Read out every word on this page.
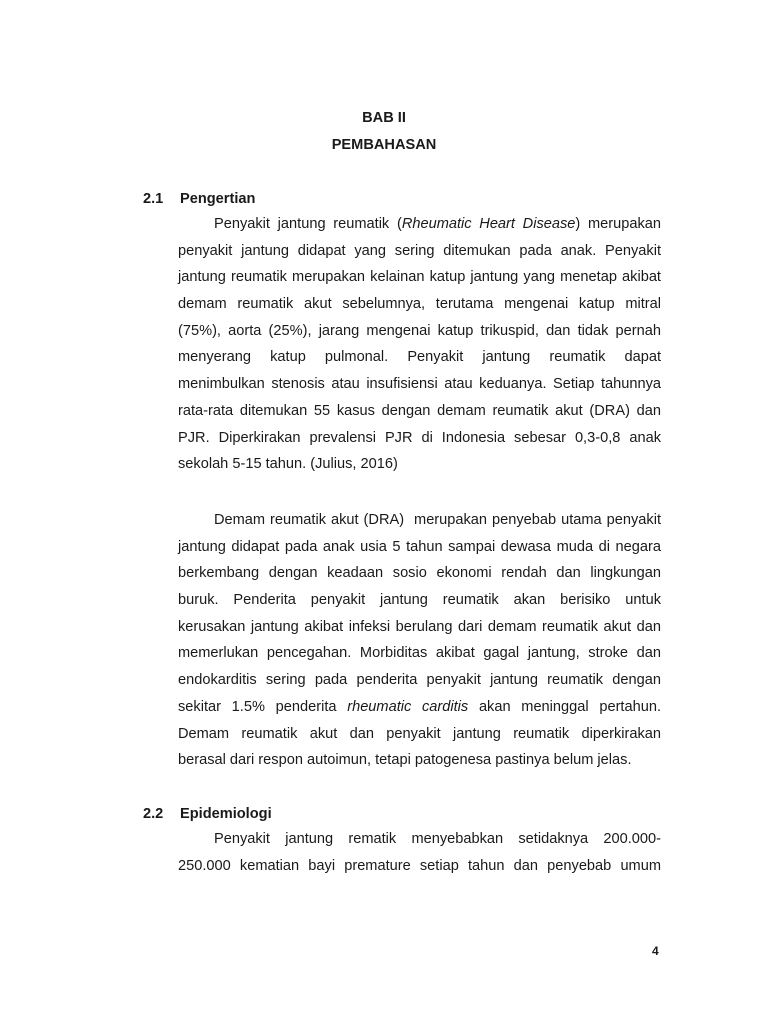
BAB II
PEMBAHASAN
2.1 Pengertian
Penyakit jantung reumatik (Rheumatic Heart Disease) merupakan
penyakit jantung didapat yang sering ditemukan pada anak. Penyakit
jantung reumatik merupakan kelainan katup jantung yang menetap akibat
demam reumatik akut sebelumnya, terutama mengenai katup mitral
(75%), aorta (25%), jarang mengenai katup trikuspid, dan tidak pernah
menyerang katup pulmonal. Penyakit jantung reumatik dapat
menimbulkan stenosis atau insufisiensi atau keduanya. Setiap tahunnya
rata-rata ditemukan 55 kasus dengan demam reumatik akut (DRA) dan
PJR. Diperkirakan prevalensi PJR di Indonesia sebesar 0,3-0,8 anak
sekolah 5-15 tahun. (Julius, 2016)
Demam reumatik akut (DRA)  merupakan penyebab utama penyakit
jantung didapat pada anak usia 5 tahun sampai dewasa muda di negara
berkembang dengan keadaan sosio ekonomi rendah dan lingkungan
buruk. Penderita penyakit jantung reumatik akan berisiko untuk
kerusakan jantung akibat infeksi berulang dari demam reumatik akut dan
memerlukan pencegahan. Morbiditas akibat gagal jantung, stroke dan
endokarditis sering pada penderita penyakit jantung reumatik dengan
sekitar 1.5% penderita rheumatic carditis akan meninggal pertahun.
Demam reumatik akut dan penyakit jantung reumatik diperkirakan
berasal dari respon autoimun, tetapi patogenesa pastinya belum jelas.
2.2 Epidemiologi
Penyakit jantung rematik menyebabkan setidaknya 200.000-
250.000 kematian bayi premature setiap tahun dan penyebab umum
4
